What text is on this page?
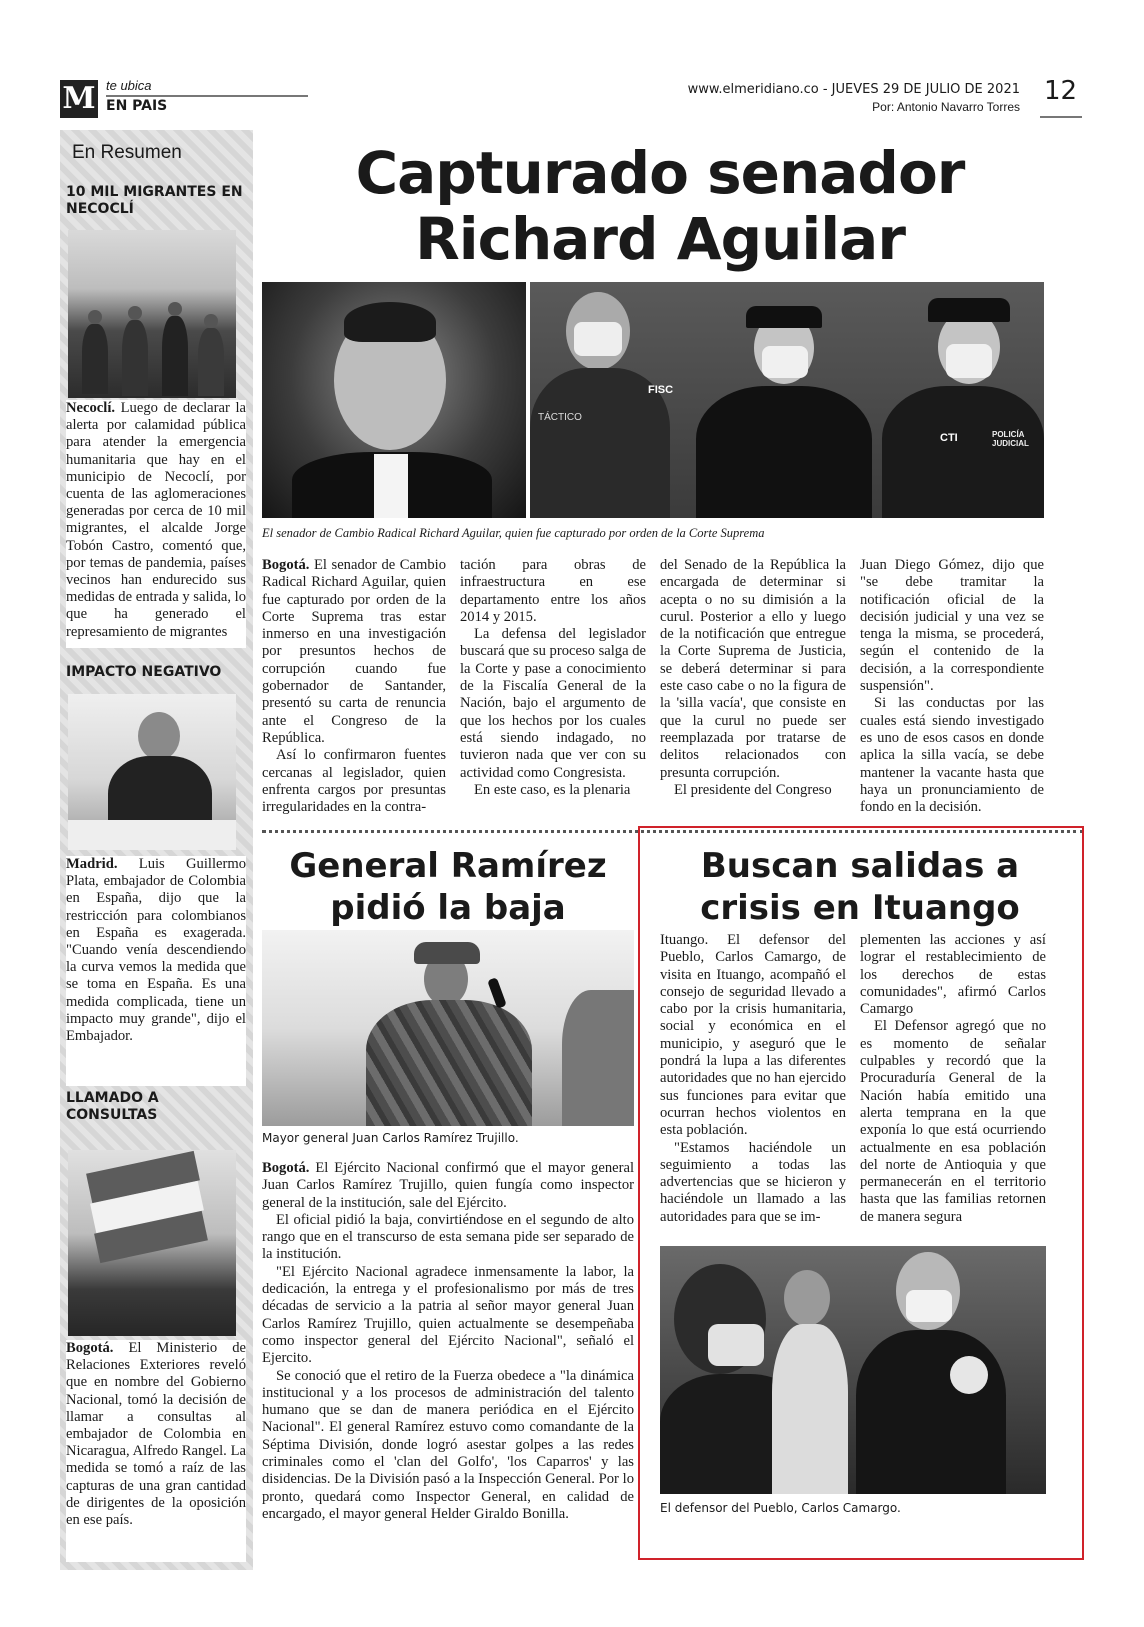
M te ubica
EN PAIS
www.elmeridiano.co - JUEVES 29 DE JULIO DE 2021
Por: Antonio Navarro Torres
12
En Resumen
10 MIL MIGRANTES EN NECOCLÍ

Necoclí. Luego de declarar la alerta por calamidad pública para atender la emergencia humanitaria que hay en el municipio de Necoclí, por cuenta de las aglomeraciones generadas por cerca de 10 mil migrantes, el alcalde Jorge Tobón Castro, comentó que, por temas de pandemia, países vecinos han endurecido sus medidas de entrada y salida, lo que ha generado el represamiento de migrantes

IMPACTO NEGATIVO

Madrid. Luis Guillermo Plata, embajador de Colombia en España, dijo que la restricción para colombianos en España es exagerada. "Cuando venía descendiendo la curva vemos la medida que se toma en España. Es una medida complicada, tiene un impacto muy grande", dijo el Embajador.

LLAMADO A CONSULTAS

Bogotá. El Ministerio de Relaciones Exteriores reveló que en nombre del Gobierno Nacional, tomó la decisión de llamar a consultas al embajador de Colombia en Nicaragua, Alfredo Rangel. La medida se tomó a raíz de las capturas de una gran cantidad de dirigentes de la oposición en ese país.

Capturado senador Richard Aguilar
TÁCTICO
FISC
CTI	POLICÍA JUDICIAL
El senador de Cambio Radical Richard Aguilar, quien fue capturado por orden de la Corte Suprema

Bogotá. El senador de Cambio Radical Richard Aguilar, quien fue capturado por orden de la Corte Suprema tras estar inmerso en una investigación por presuntos hechos de corrupción cuando fue gobernador de Santander, presentó su carta de renuncia ante el Congreso de la República.

Así lo confirmaron fuentes cercanas al legislador, quien enfrenta cargos por presuntas irregularidades en la contra-

tación para obras de infraestructura en ese departamento entre los años 2014 y 2015.

La defensa del legislador buscará que su proceso salga de la Corte y pase a conocimiento de la Fiscalía General de la Nación, bajo el argumento de que los hechos por los cuales está siendo indagado, no tuvieron nada que ver con su actividad como Congresista.

En este caso, es la plenaria

del Senado de la República la encargada de determinar si acepta o no su dimisión a la curul. Posterior a ello y luego de la notificación que entregue la Corte Suprema de Justicia, se deberá determinar si para este caso cabe o no la figura de la 'silla vacía', que consiste en que la curul no puede ser reemplazada por tratarse de delitos relacionados con presunta corrupción.

El presidente del Congreso

Juan Diego Gómez, dijo que "se debe tramitar la notificación oficial de la decisión judicial y una vez se tenga la misma, se procederá, según el contenido de la decisión, a la correspondiente suspensión".

Si las conductas por las cuales está siendo investigado es uno de esos casos en donde aplica la silla vacía, se debe mantener la vacante hasta que haya un pronunciamiento de fondo en la decisión.

General Ramírez pidió la baja
Mayor general Juan Carlos Ramírez Trujillo.

Bogotá. El Ejército Nacional confirmó que el mayor general Juan Carlos Ramírez Trujillo, quien fungía como inspector general de la institución, sale del Ejército.

El oficial pidió la baja, convirtiéndose en el segundo de alto rango que en el transcurso de esta semana pide ser separado de la institución.

"El Ejército Nacional agradece inmensamente la labor, la dedicación, la entrega y el profesionalismo por más de tres décadas de servicio a la patria al señor mayor general Juan Carlos Ramírez Trujillo, quien actualmente se desempeñaba como inspector general del Ejército Nacional", señaló el Ejercito.

Se conoció que el retiro de la Fuerza obedece a "la dinámica institucional y a los procesos de administración del talento humano que se dan de manera periódica en el Ejército Nacional". El general Ramírez estuvo como comandante de la Séptima División, donde logró asestar golpes a las redes criminales como el 'clan del Golfo', 'los Caparros' y las disidencias. De la División pasó a la Inspección General. Por lo pronto, quedará como Inspector General, en calidad de encargado, el mayor general Helder Giraldo Bonilla.

Buscan salidas a crisis en Ituango

Ituango. El defensor del Pueblo, Carlos Camargo, de visita en Ituango, acompañó el consejo de seguridad llevado a cabo por la crisis humanitaria, social y económica en el municipio, y aseguró que le pondrá la lupa a las diferentes autoridades que no han ejercido sus funciones para evitar que ocurran hechos violentos en esta población.

"Estamos haciéndole un seguimiento a todas las advertencias que se hicieron y haciéndole un llamado a las autoridades para que se im-

plementen las acciones y así lograr el restablecimiento de los derechos de estas comunidades", afirmó Carlos Camargo

El Defensor agregó que no es momento de señalar culpables y recordó que la Procuraduría General de la Nación había emitido una alerta temprana en la que exponía lo que está ocurriendo actualmente en esa población del norte de Antioquia y que permanecerán en el territorio hasta que las familias retornen de manera segura

El defensor del Pueblo, Carlos Camargo.
